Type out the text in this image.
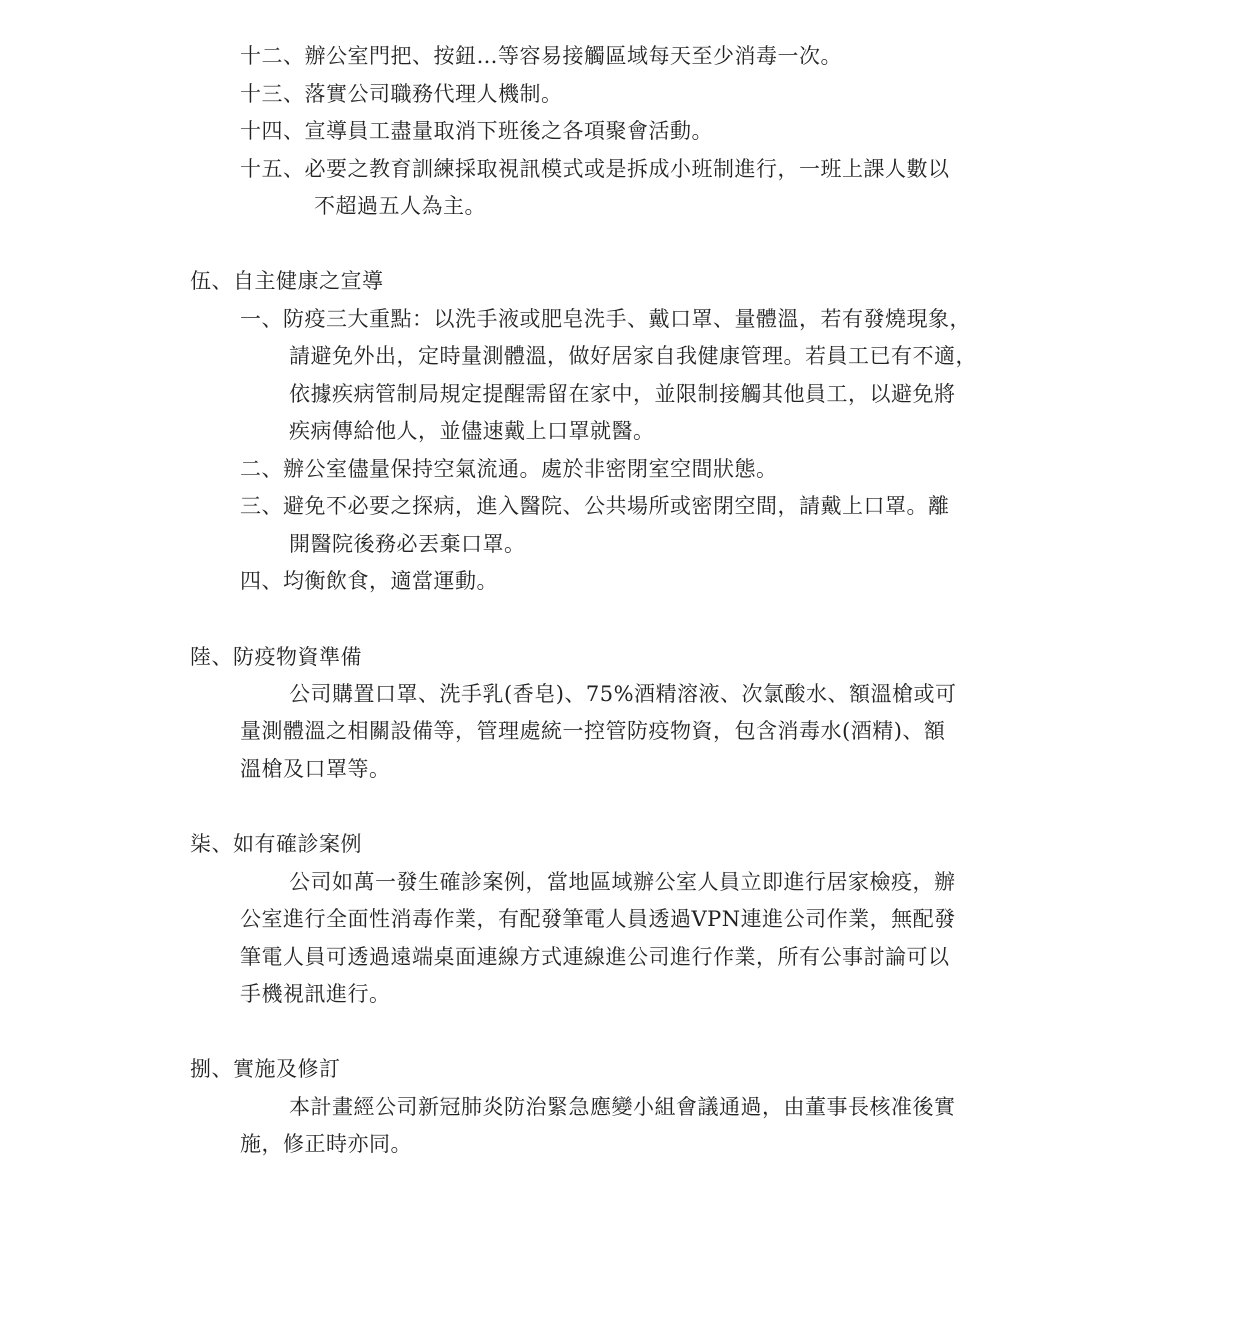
十二、辦公室門把、按鈕…等容易接觸區域每天至少消毒一次。
十三、落實公司職務代理人機制。
十四、宣導員工盡量取消下班後之各項聚會活動。
十五、必要之教育訓練採取視訊模式或是拆成小班制進行，一班上課人數以
不超過五人為主。
伍、自主健康之宣導
一、防疫三大重點：以洗手液或肥皂洗手、戴口罩、量體溫，若有發燒現象，
請避免外出，定時量測體溫，做好居家自我健康管理。若員工已有不適，
依據疾病管制局規定提醒需留在家中，並限制接觸其他員工，以避免將
疾病傳給他人，並儘速戴上口罩就醫。
二、辦公室儘量保持空氣流通。處於非密閉室空間狀態。
三、避免不必要之探病，進入醫院、公共場所或密閉空間，請戴上口罩。離
開醫院後務必丟棄口罩。
四、均衡飲食，適當運動。
陸、防疫物資準備
公司購置口罩、洗手乳(香皂)、75%酒精溶液、次氯酸水、額溫槍或可
量測體溫之相關設備等，管理處統一控管防疫物資，包含消毒水(酒精)、額
溫槍及口罩等。
柒、如有確診案例
公司如萬一發生確診案例，當地區域辦公室人員立即進行居家檢疫，辦
公室進行全面性消毒作業，有配發筆電人員透過VPN連進公司作業，無配發
筆電人員可透過遠端桌面連線方式連線進公司進行作業，所有公事討論可以
手機視訊進行。
捌、實施及修訂
本計畫經公司新冠肺炎防治緊急應變小組會議通過，由董事長核准後實
施，修正時亦同。
